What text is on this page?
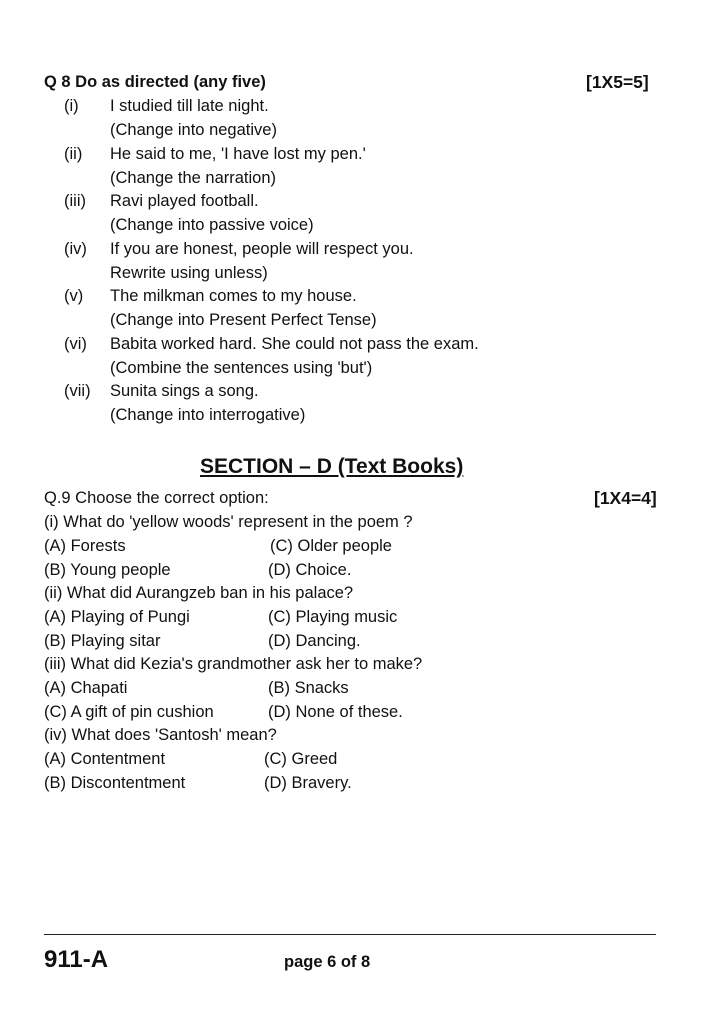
Q 8 Do as directed (any five)	[1X5=5]
(i) I studied till late night.
(Change into negative)
(ii) He said to me, 'I have lost my pen.'
(Change the narration)
(iii) Ravi played football.
(Change into passive voice)
(iv) If you are honest, people will respect you.
Rewrite using unless)
(v) The milkman comes to my house.
(Change into Present Perfect Tense)
(vi) Babita worked hard. She could not pass the exam.
(Combine the sentences using 'but')
(vii) Sunita sings a song.
(Change into interrogative)
SECTION – D (Text Books)
Q.9 Choose the correct option:	[1X4=4]
(i) What do 'yellow woods' represent in the poem ?
(A) Forests	(C) Older people
(B) Young people	(D) Choice.
(ii) What did Aurangzeb ban in his palace?
(A) Playing of Pungi	(C) Playing music
(B) Playing sitar	(D) Dancing.
(iii) What did Kezia's grandmother ask her to make?
(A) Chapati	(B) Snacks
(C) A gift of pin cushion	(D) None of these.
(iv) What does 'Santosh' mean?
(A) Contentment	(C) Greed
(B) Discontentment	(D) Bravery.
911-A	page 6 of 8
